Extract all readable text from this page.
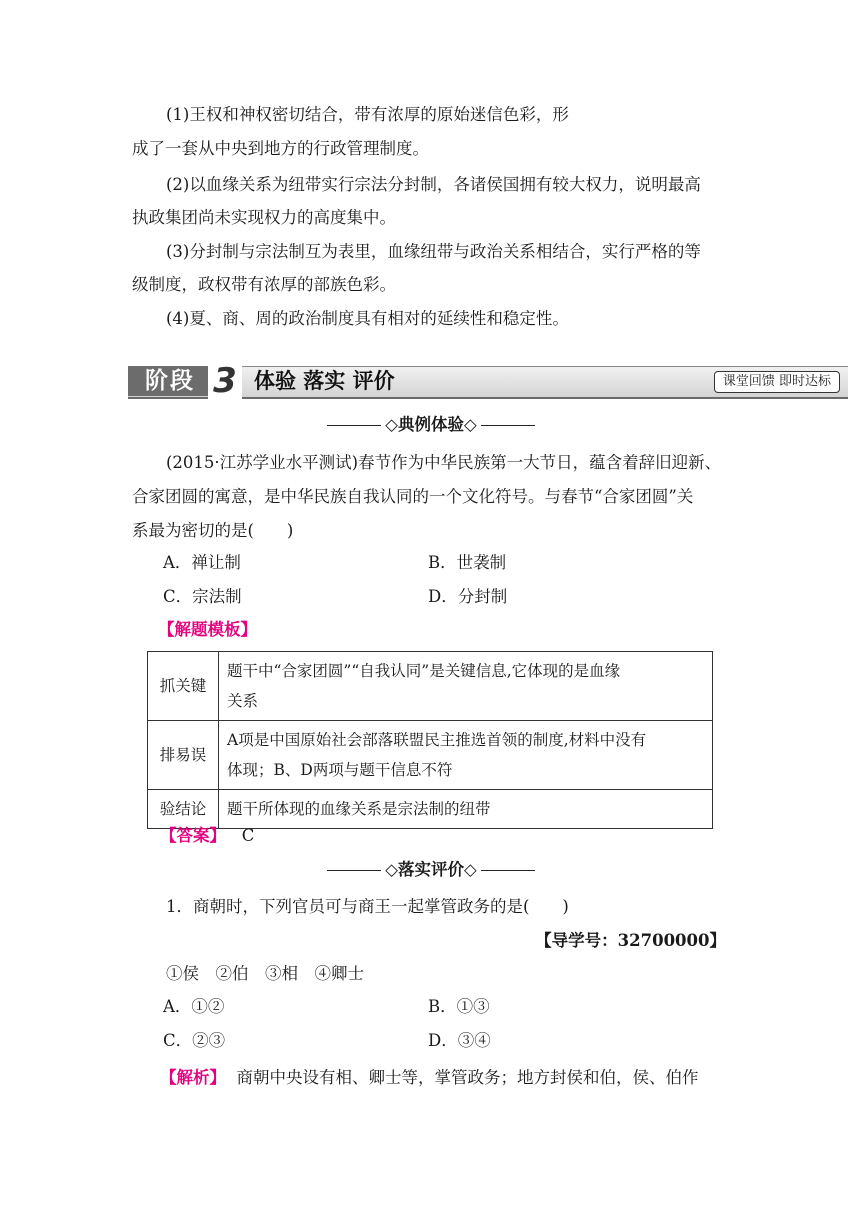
(1)王权和神权密切结合，带有浓厚的原始迷信色彩，形
成了一套从中央到地方的行政管理制度。
(2)以血缘关系为纽带实行宗法分封制，各诸侯国拥有较大权力，说明最高
执政集团尚未实现权力的高度集中。
(3)分封制与宗法制互为表里，血缘纽带与政治关系相结合，实行严格的等
级制度，政权带有浓厚的部族色彩。
(4)夏、商、周的政治制度具有相对的延续性和稳定性。
阶段 3 体验 落实 评价	课堂回馈 即时达标
◇典例体验◇
(2015·江苏学业水平测试)春节作为中华民族第一大节日，蕴含着辞旧迎新、
合家团圆的寓意，是中华民族自我认同的一个文化符号。与春节“合家团圆”关
系最为密切的是(　　)
A．禅让制	B．世袭制
C．宗法制	D．分封制
【解题模板】
抓关键	题干中“合家团圆”“自我认同”是关键信息,它体现的是血缘
关系

排易误	A项是中国原始社会部落联盟民主推选首领的制度,材料中没有
体现；B、D两项与题干信息不符

验结论	题干所体现的血缘关系是宗法制的纽带
【答案】 C
◇落实评价◇
1．商朝时，下列官员可与商王一起掌管政务的是(　　)
【导学号：32700000】
①侯　②伯　③相　④卿士
A．①②	B．①③
C．②③	D．③④
【解析】 商朝中央设有相、卿士等，掌管政务；地方封侯和伯，侯、伯作
